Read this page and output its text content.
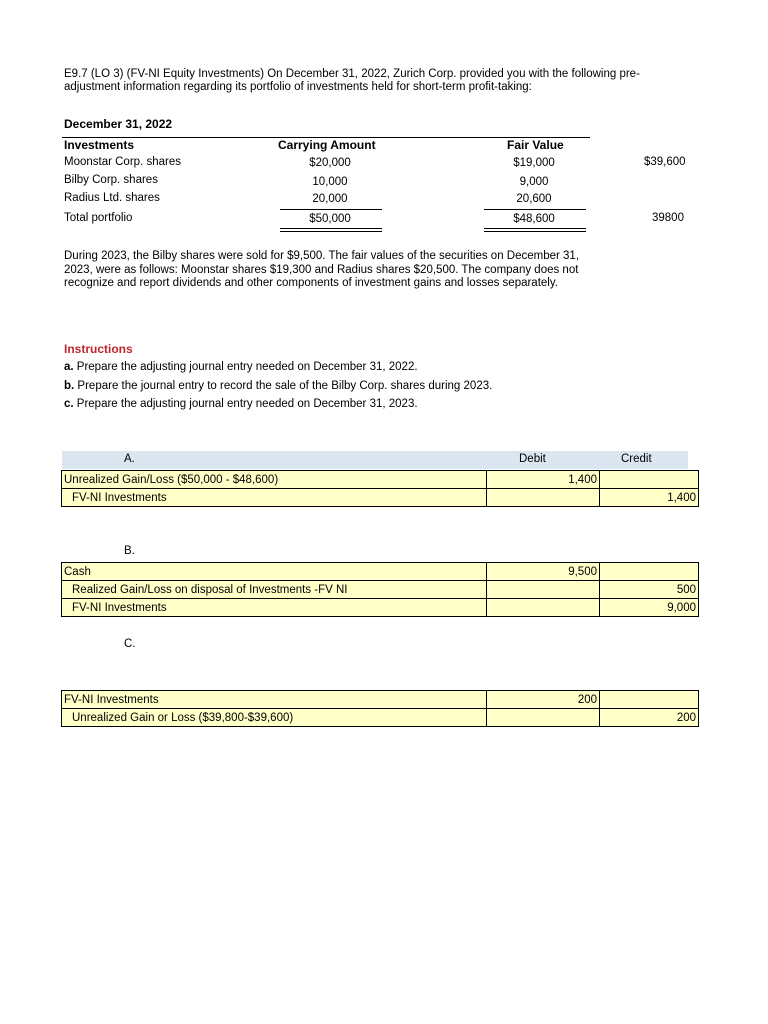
E9.7 (LO 3) (FV-NI Equity Investments) On December 31, 2022, Zurich Corp. provided you with the following pre-adjustment information regarding its portfolio of investments held for short-term profit-taking:
December 31, 2022
Investments	Carrying Amount	Fair Value
Moonstar Corp. shares	$20,000	$19,000	$39,600
Bilby Corp. shares	10,000	9,000
Radius Ltd. shares	20,000	20,600
Total portfolio	$50,000	$48,600	39800
During 2023, the Bilby shares were sold for $9,500. The fair values of the securities on December 31, 2023, were as follows: Moonstar shares $19,300 and Radius shares $20,500. The company does not recognize and report dividends and other components of investment gains and losses separately.
Instructions
a. Prepare the adjusting journal entry needed on December 31, 2022.
b. Prepare the journal entry to record the sale of the Bilby Corp. shares during 2023.
c. Prepare the adjusting journal entry needed on December 31, 2023.
A.	Debit	Credit
Unrealized Gain/Loss ($50,000 - $48,600)	1,400	
FV-NI Investments		1,400
B.
Cash	9,500	
Realized Gain/Loss on disposal of Investments -FV NI		500
FV-NI Investments		9,000
C.
FV-NI Investments	200	
Unrealized Gain or Loss ($39,800-$39,600)		200
